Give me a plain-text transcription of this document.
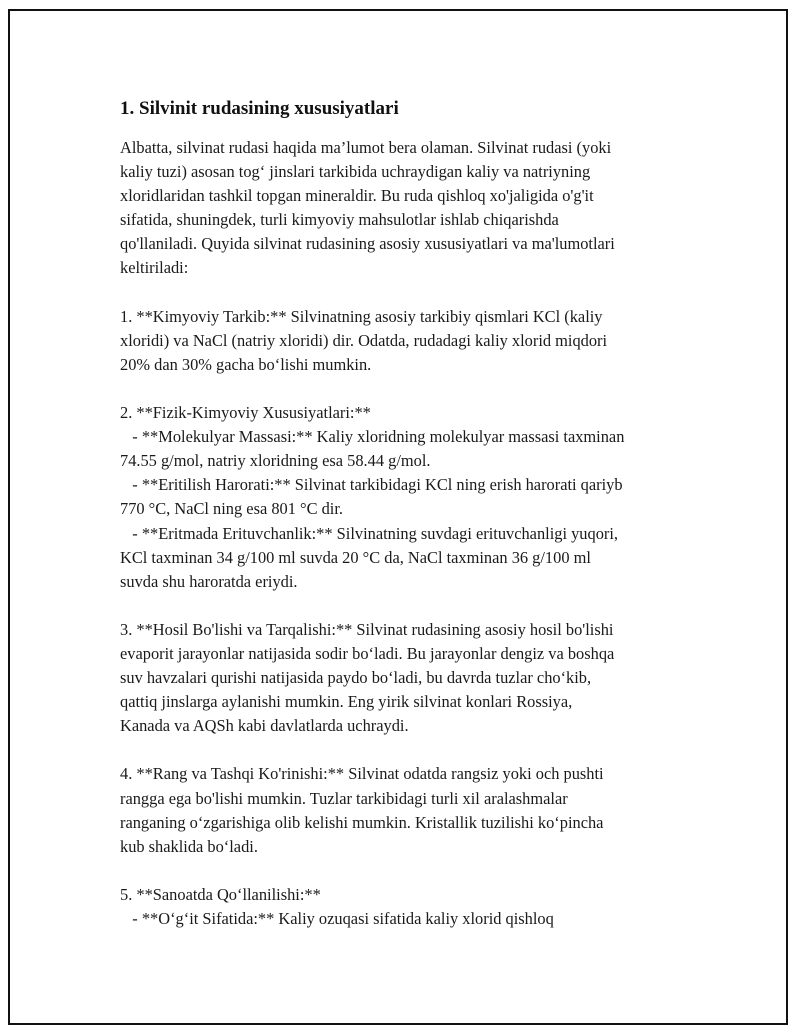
1. Silvinit rudasining xususiyatlari
Albatta, silvinat rudasi haqida ma’lumot bera olaman. Silvinat rudasi (yoki
kaliy tuzi) asosan tog‘ jinslari tarkibida uchraydigan kaliy va natriyning
xloridlaridan tashkil topgan mineraldir. Bu ruda qishloq xo'jaligida o'g'it
sifatida, shuningdek, turli kimyoviy mahsulotlar ishlab chiqarishda
qo'llaniladi. Quyida silvinat rudasining asosiy xususiyatlari va ma'lumotlari
keltiriladi:
1. **Kimyoviy Tarkib:** Silvinatning asosiy tarkibiy qismlari KCl (kaliy
xloridi) va NaCl (natriy xloridi) dir. Odatda, rudadagi kaliy xlorid miqdori
20% dan 30% gacha bo‘lishi mumkin.
2. **Fizik-Kimyoviy Xususiyatlari:**
- **Molekulyar Massasi:** Kaliy xloridning molekulyar massasi taxminan
74.55 g/mol, natriy xloridning esa 58.44 g/mol.
- **Eritilish Harorati:** Silvinat tarkibidagi KCl ning erish harorati qariyb
770 °C, NaCl ning esa 801 °C dir.
- **Eritmada Erituvchanlik:** Silvinatning suvdagi erituvchanligi yuqori,
KCl taxminan 34 g/100 ml suvda 20 °C da, NaCl taxminan 36 g/100 ml
suvda shu haroratda eriydi.
3. **Hosil Bo'lishi va Tarqalishi:** Silvinat rudasining asosiy hosil bo'lishi
evaporit jarayonlar natijasida sodir bo‘ladi. Bu jarayonlar dengiz va boshqa
suv havzalari qurishi natijasida paydo bo‘ladi, bu davrda tuzlar cho‘kib,
qattiq jinslarga aylanishi mumkin. Eng yirik silvinat konlari Rossiya,
Kanada va AQSh kabi davlatlarda uchraydi.
4. **Rang va Tashqi Ko'rinishi:** Silvinat odatda rangsiz yoki och pushti
rangga ega bo'lishi mumkin. Tuzlar tarkibidagi turli xil aralashmalar
ranganing o‘zgarishiga olib kelishi mumkin. Kristallik tuzilishi ko‘pincha
kub shaklida bo‘ladi.
5. **Sanoatda Qo‘llanilishi:**
- **O‘g‘it Sifatida:** Kaliy ozuqasi sifatida kaliy xlorid qishloq
